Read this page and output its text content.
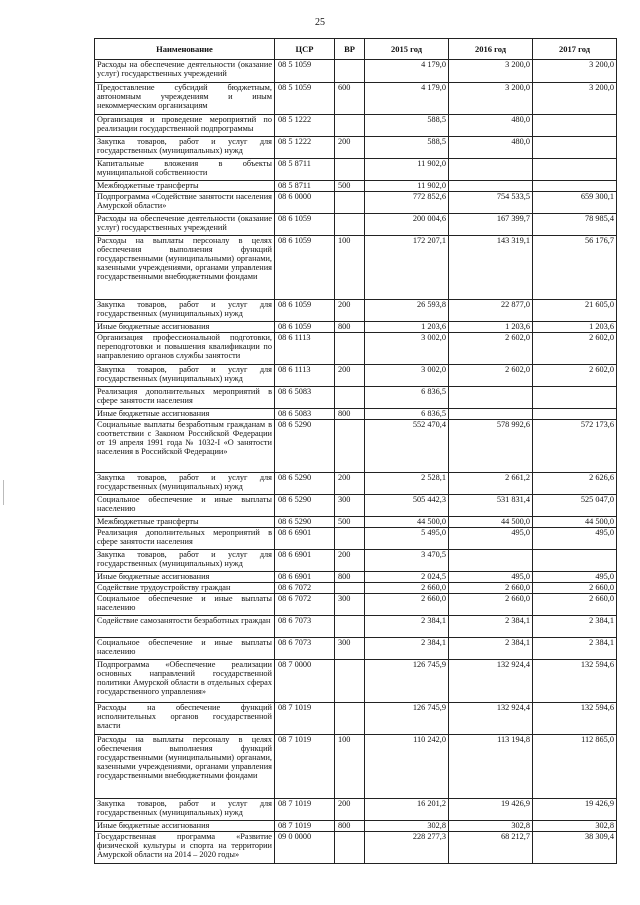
25
Наименование	ЦСР	ВР	2015 год	2016 год	2017 год
Расходы на обеспечение деятельности (оказание услуг) государственных учреждений	08 5 1059		4 179,0	3 200,0	3 200,0
Предоставление субсидий бюджетным, автономным учреждениям и иным некоммерческим организациям	08 5 1059	600	4 179,0	3 200,0	3 200,0
Организация и проведение мероприятий по реализации государственной подпрограммы	08 5 1222		588,5	480,0	
Закупка товаров, работ и услуг для государственных (муниципальных) нужд	08 5 1222	200	588,5	480,0	
Капитальные вложения в объекты муниципальной собственности	08 5 8711		11 902,0		
Межбюджетные трансферты	08 5 8711	500	11 902,0		
Подпрограмма «Содействие занятости населения Амурской области»	08 6 0000		772 852,6	754 533,5	659 300,1
Расходы на обеспечение деятельности (оказание услуг) государственных учреждений	08 6 1059		200 004,6	167 399,7	78 985,4
Расходы на выплаты персоналу в целях обеспечения выполнения функций государственными (муниципальными) органами, казенными учреждениями, органами управления государственными внебюджетными фондами	08 6 1059	100	172 207,1	143 319,1	56 176,7
Закупка товаров, работ и услуг для государственных (муниципальных) нужд	08 6 1059	200	26 593,8	22 877,0	21 605,0
Иные бюджетные ассигнования	08 6 1059	800	1 203,6	1 203,6	1 203,6
Организация профессиональной подготовки, переподготовки и повышения квалификации по направлению органов службы занятости	08 6 1113		3 002,0	2 602,0	2 602,0
Закупка товаров, работ и услуг для государственных (муниципальных) нужд	08 6 1113	200	3 002,0	2 602,0	2 602,0
Реализация дополнительных мероприятий в сфере занятости населения	08 6 5083		6 836,5		
Иные бюджетные ассигнования	08 6 5083	800	6 836,5		
Социальные выплаты безработным гражданам в соответствии с Законом Российской Федерации от 19 апреля 1991 года № 1032-I «О занятости населения в Российской Федерации»	08 6 5290		552 470,4	578 992,6	572 173,6
Закупка товаров, работ и услуг для государственных (муниципальных) нужд	08 6 5290	200	2 528,1	2 661,2	2 626,6
Социальное обеспечение и иные выплаты населению	08 6 5290	300	505 442,3	531 831,4	525 047,0
Межбюджетные трансферты	08 6 5290	500	44 500,0	44 500,0	44 500,0
Реализация дополнительных мероприятий в сфере занятости населения	08 6 6901		5 495,0	495,0	495,0
Закупка товаров, работ и услуг для государственных (муниципальных) нужд	08 6 6901	200	3 470,5		
Иные бюджетные ассигнования	08 6 6901	800	2 024,5	495,0	495,0
Содействие трудоустройству граждан	08 6 7072		2 660,0	2 660,0	2 660,0
Социальное обеспечение и иные выплаты населению	08 6 7072	300	2 660,0	2 660,0	2 660,0
Содействие самозанятости безработных граждан	08 6 7073		2 384,1	2 384,1	2 384,1
Социальное обеспечение и иные выплаты населению	08 6 7073	300	2 384,1	2 384,1	2 384,1
Подпрограмма «Обеспечение реализации основных направлений государственной политики Амурской области в отдельных сферах государственного управления»	08 7 0000		126 745,9	132 924,4	132 594,6
Расходы на обеспечение функций исполнительных органов государственной власти	08 7 1019		126 745,9	132 924,4	132 594,6
Расходы на выплаты персоналу в целях обеспечения выполнения функций государственными (муниципальными) органами, казенными учреждениями, органами управления государственными внебюджетными фондами	08 7 1019	100	110 242,0	113 194,8	112 865,0
Закупка товаров, работ и услуг для государственных (муниципальных) нужд	08 7 1019	200	16 201,2	19 426,9	19 426,9
Иные бюджетные ассигнования	08 7 1019	800	302,8	302,8	302,8
Государственная программа «Развитие физической культуры и спорта на территории Амурской области на 2014 – 2020 годы»	09 0 0000		228 277,3	68 212,7	38 309,4
